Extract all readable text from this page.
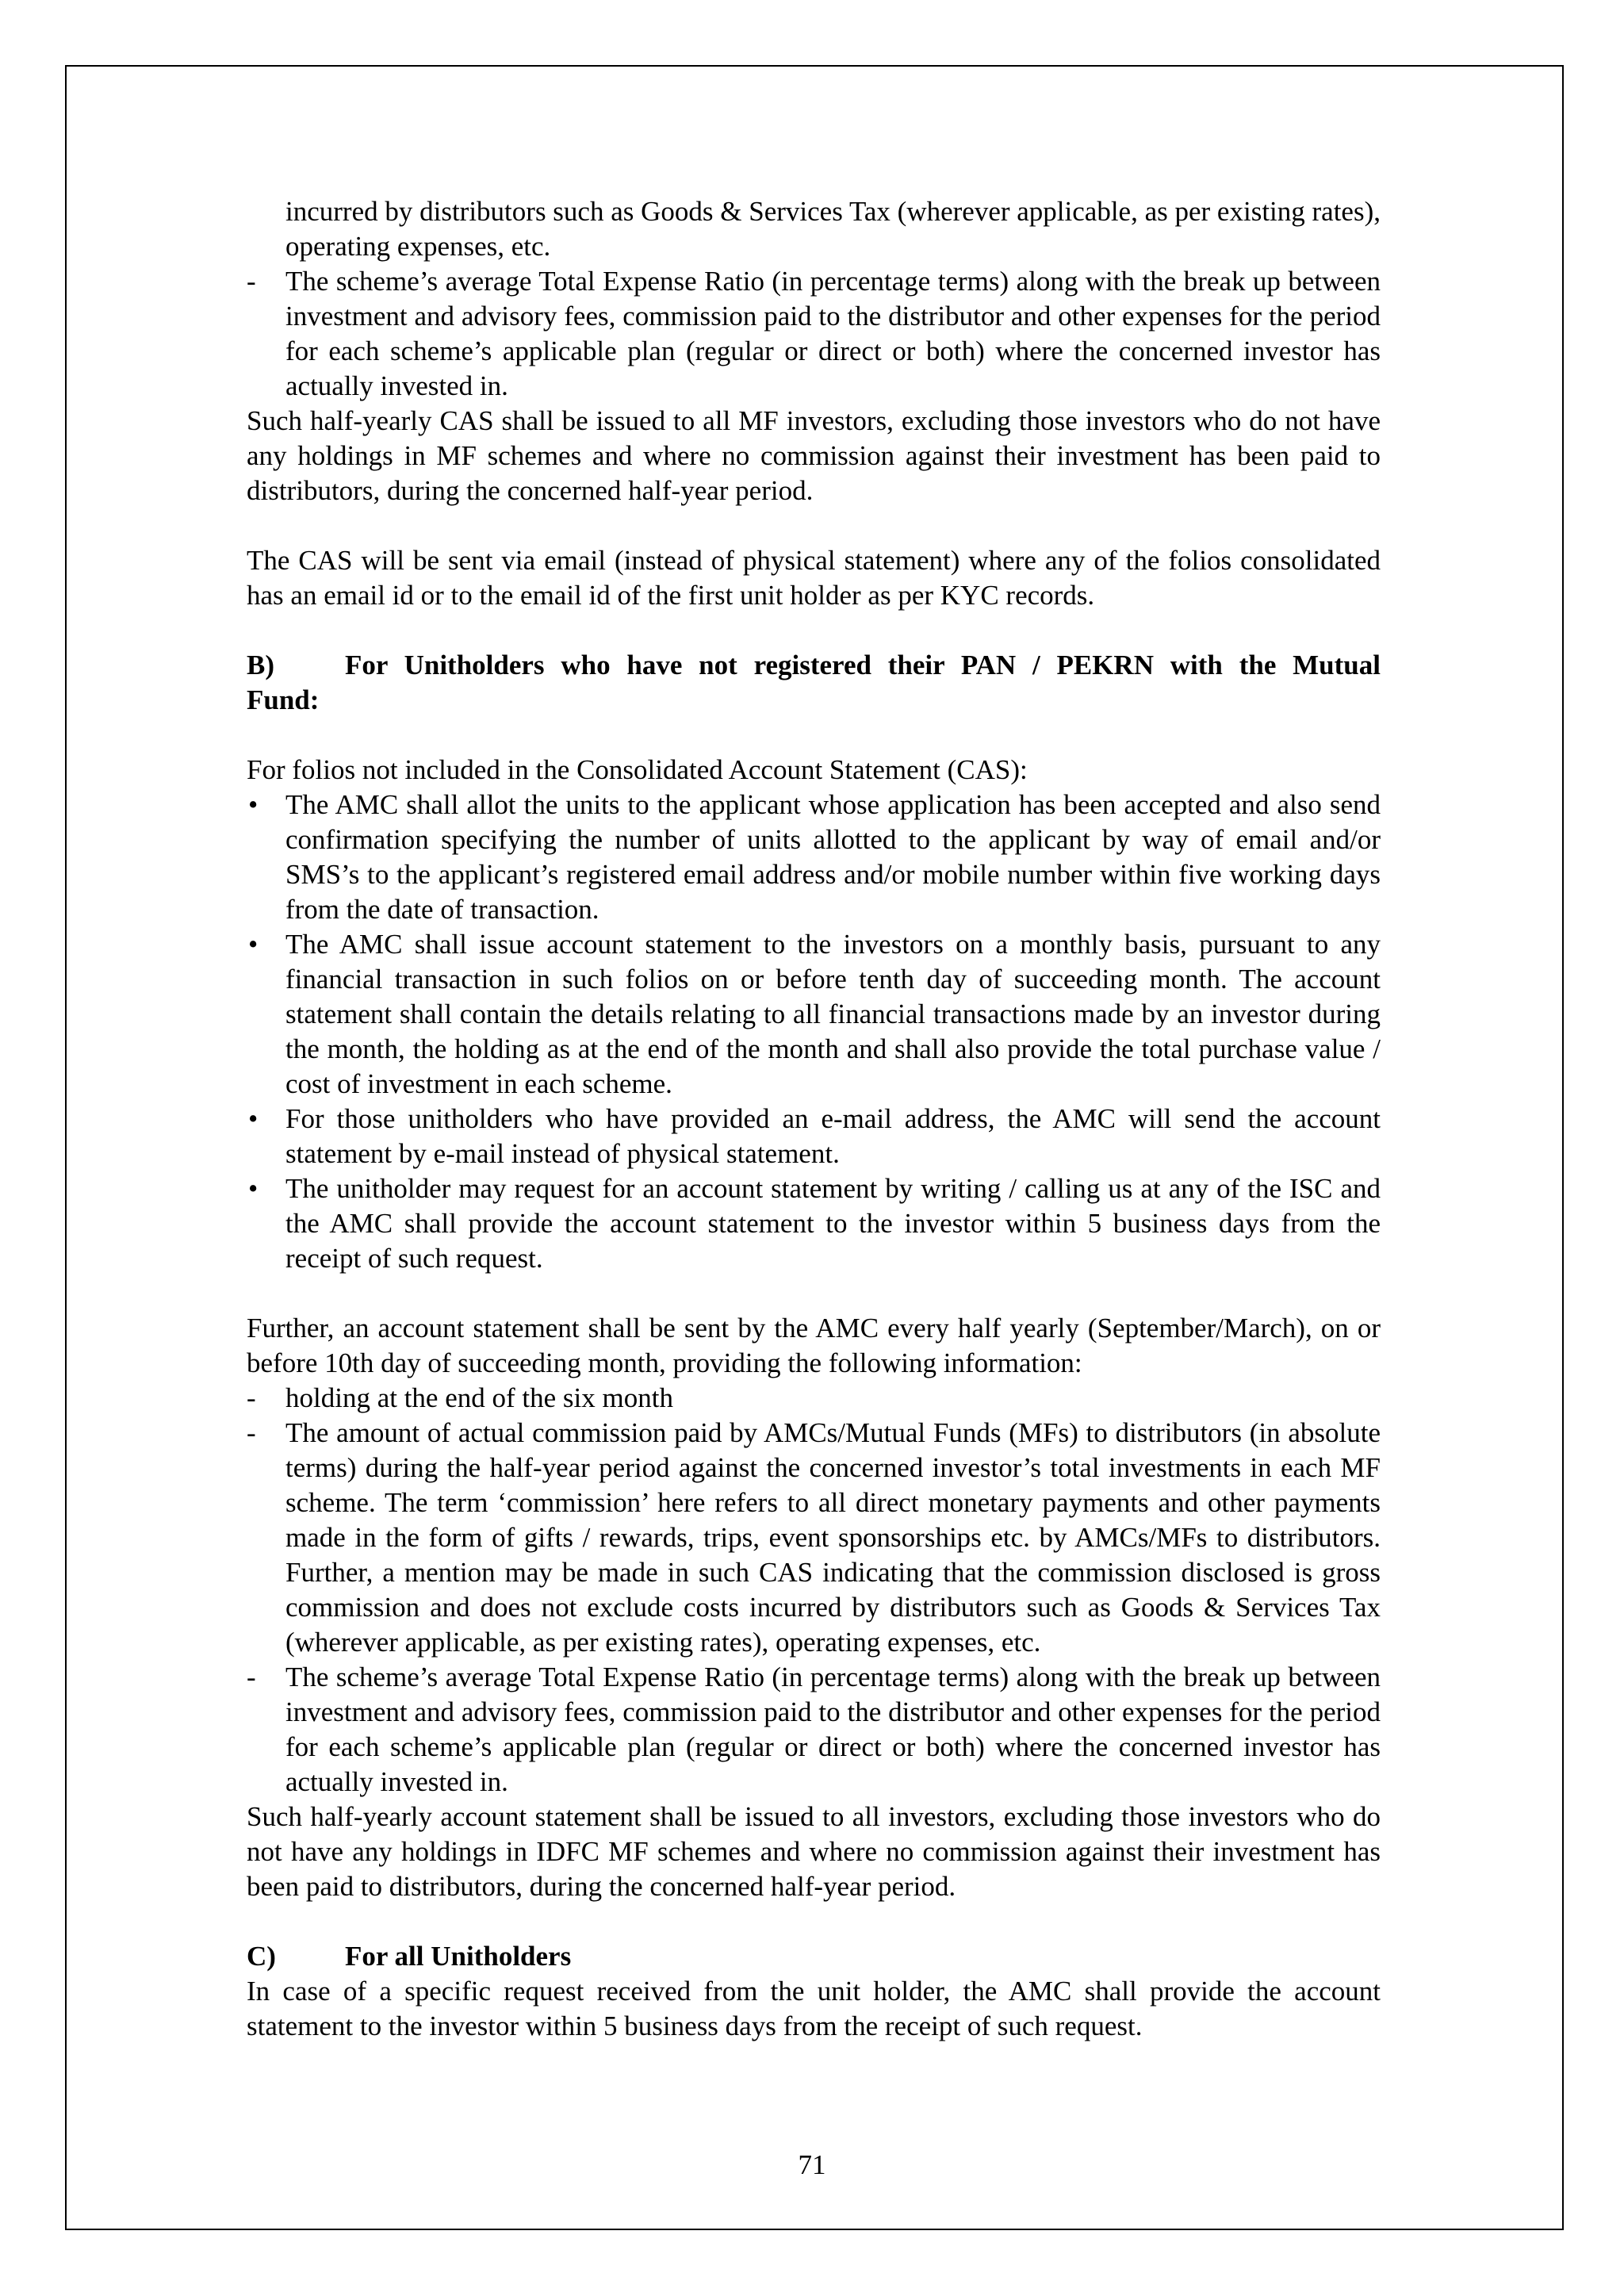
incurred by distributors such as Goods & Services Tax (wherever applicable, as per existing rates), operating expenses, etc.

- The scheme’s average Total Expense Ratio (in percentage terms) along with the break up between investment and advisory fees, commission paid to the distributor and other expenses for the period for each scheme’s applicable plan (regular or direct or both) where the concerned investor has actually invested in.

Such half-yearly CAS shall be issued to all MF investors, excluding those investors who do not have any holdings in MF schemes and where no commission against their investment has been paid to distributors, during the concerned half-year period.

The CAS will be sent via email (instead of physical statement) where any of the folios consolidated has an email id or to the email id of the first unit holder as per KYC records.

B)	For Unitholders who have not registered their PAN / PEKRN with the Mutual

Fund:

For folios not included in the Consolidated Account Statement (CAS):

• The AMC shall allot the units to the applicant whose application has been accepted and also send confirmation specifying the number of units allotted to the applicant by way of email and/or SMS’s to the applicant’s registered email address and/or mobile number within five working days from the date of transaction.
• The AMC shall issue account statement to the investors on a monthly basis, pursuant to any financial transaction in such folios on or before tenth day of succeeding month. The account statement shall contain the details relating to all financial transactions made by an investor during the month, the holding as at the end of the month and shall also provide the total purchase value / cost of investment in each scheme.
• For those unitholders who have provided an e-mail address, the AMC will send the account statement by e-mail instead of physical statement.
• The unitholder may request for an account statement by writing / calling us at any of the ISC and the AMC shall provide the account statement to the investor within 5 business days from the receipt of such request.

Further, an account statement shall be sent by the AMC every half yearly (September/March), on or before 10th day of succeeding month, providing the following information:

- holding at the end of the six month
- The amount of actual commission paid by AMCs/Mutual Funds (MFs) to distributors (in absolute terms) during the half-year period against the concerned investor’s total investments in each MF scheme. The term ‘commission’ here refers to all direct monetary payments and other payments made in the form of gifts / rewards, trips, event sponsorships etc. by AMCs/MFs to distributors. Further, a mention may be made in such CAS indicating that the commission disclosed is gross commission and does not exclude costs incurred by distributors such as Goods & Services Tax (wherever applicable, as per existing rates), operating expenses, etc.
- The scheme’s average Total Expense Ratio (in percentage terms) along with the break up between investment and advisory fees, commission paid to the distributor and other expenses for the period for each scheme’s applicable plan (regular or direct or both) where the concerned investor has actually invested in.

Such half-yearly account statement shall be issued to all investors, excluding those investors who do not have any holdings in IDFC MF schemes and where no commission against their investment has been paid to distributors, during the concerned half-year period.

C) For all Unitholders

In case of a specific request received from the unit holder, the AMC shall provide the account statement to the investor within 5 business days from the receipt of such request.

71
